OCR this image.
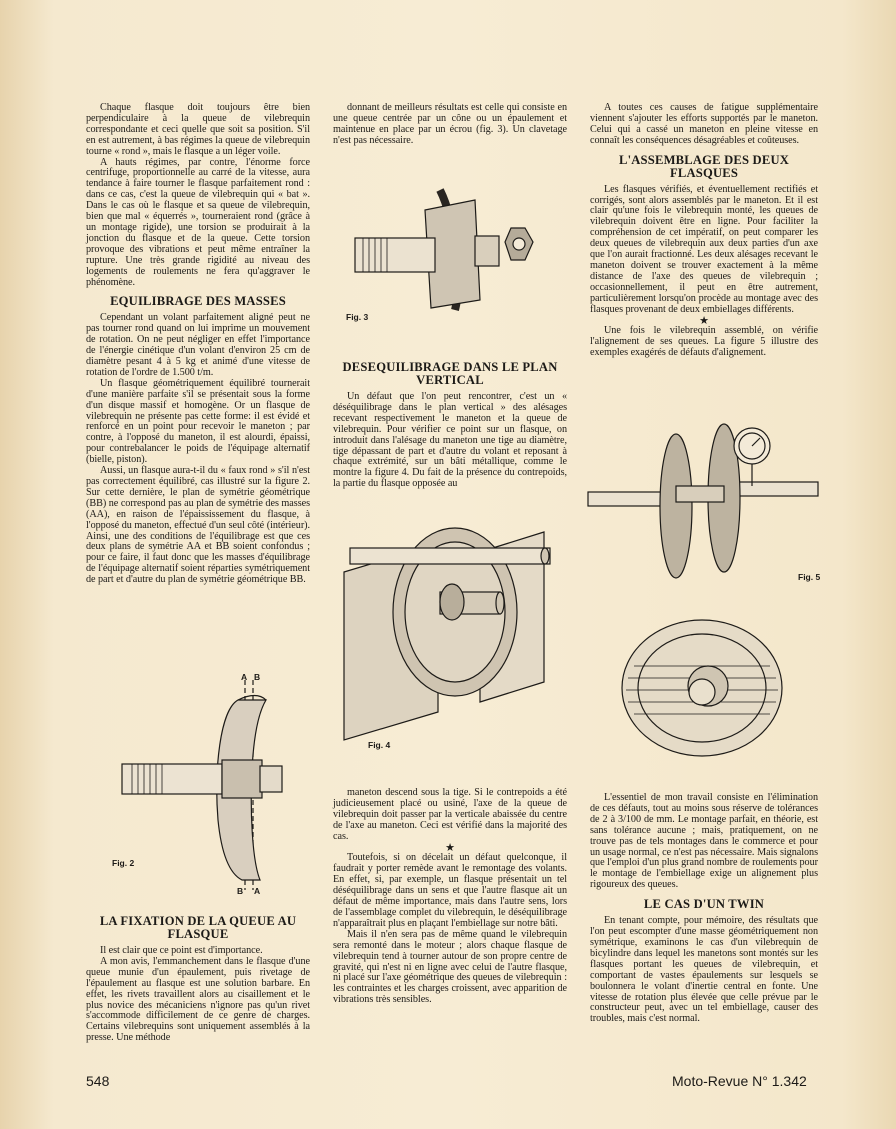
Chaque flasque doit toujours être bien perpendiculaire à la queue de vilebrequin correspondante et ceci quelle que soit sa position. S'il en est autrement, à bas régimes la queue de vilebrequin tourne « rond », mais le flasque a un léger voile.

A hauts régimes, par contre, l'énorme force centrifuge, proportionnelle au carré de la vitesse, aura tendance à faire tourner le flasque parfaitement rond : dans ce cas, c'est la queue de vilebrequin qui « bat ». Dans le cas où le flasque et sa queue de vilebrequin, bien que mal « équerrés », tourneraient rond (grâce à un montage rigide), une torsion se produirait à la jonction du flasque et de la queue. Cette torsion provoque des vibrations et peut même entraîner la rupture. Une très grande rigidité au niveau des logements de roulements ne fera qu'aggraver le phénomène.

EQUILIBRAGE DES MASSES

Cependant un volant parfaitement aligné peut ne pas tourner rond quand on lui imprime un mouvement de rotation. On ne peut négliger en effet l'importance de l'énergie cinétique d'un volant d'environ 25 cm de diamètre pesant 4 à 5 kg et animé d'une vitesse de rotation de l'ordre de 1.500 t/m.

Un flasque géométriquement équilibré tournerait d'une manière parfaite s'il se présentait sous la forme d'un disque massif et homogène. Or un flasque de vilebrequin ne présente pas cette forme: il est évidé et renforcé en un point pour recevoir le maneton ; par contre, à l'opposé du maneton, il est alourdi, épaissi, pour contrebalancer le poids de l'équipage alternatif (bielle, piston).

Aussi, un flasque aura-t-il du « faux rond » s'il n'est pas correctement équilibré, cas illustré sur la figure 2. Sur cette dernière, le plan de symétrie géométrique (BB) ne correspond pas au plan de symétrie des masses (AA), en raison de l'épaississement du flasque, à l'opposé du maneton, effectué d'un seul côté (intérieur). Ainsi, une des conditions de l'équilibrage est que ces deux plans de symétrie AA et BB soient confondus ; pour ce faire, il faut donc que les masses d'équilibrage de l'équipage alternatif soient réparties symétriquement de part et d'autre du plan de symétrie géométrique BB.

Fig. 2
A B
B A
LA FIXATION DE LA QUEUE AU FLASQUE

Il est clair que ce point est d'importance.

A mon avis, l'emmanchement dans le flasque d'une queue munie d'un épaulement, puis rivetage de l'épaulement au flasque est une solution barbare. En effet, les rivets travaillent alors au cisaillement et le plus novice des mécaniciens n'ignore pas qu'un rivet s'accommode difficilement de ce genre de charges. Certains vilebrequins sont uniquement assemblés à la presse. Une méthode

donnant de meilleurs résultats est celle qui consiste en une queue centrée par un cône ou un épaulement et maintenue en place par un écrou (fig. 3). Un clavetage n'est pas nécessaire.

Fig. 3
DESEQUILIBRAGE DANS LE PLAN VERTICAL

Un défaut que l'on peut rencontrer, c'est un « déséquilibrage dans le plan vertical » des alésages recevant respectivement le maneton et la queue de vilebrequin. Pour vérifier ce point sur un flasque, on introduit dans l'alésage du maneton une tige au diamètre, tige dépassant de part et d'autre du volant et reposant à chaque extrémité, sur un bâti métallique, comme le montre la figure 4. Du fait de la présence du contrepoids, la partie du flasque opposée au

Fig. 4

maneton descend sous la tige. Si le contrepoids a été judicieusement placé ou usiné, l'axe de la queue de vilebrequin doit passer par la verticale abaissée du centre de l'axe au maneton. Ceci est vérifié dans la majorité des cas.

★

Toutefois, si on décelait un défaut quelconque, il faudrait y porter remède avant le remontage des volants. En effet, si, par exemple, un flasque présentait un tel déséquilibrage dans un sens et que l'autre flasque ait un défaut de même importance, mais dans l'autre sens, lors de l'assemblage complet du vilebrequin, le déséquilibrage n'apparaîtrait plus en plaçant l'embiellage sur notre bâti.

Mais il n'en sera pas de même quand le vilebrequin sera remonté dans le moteur ; alors chaque flasque de vilebrequin tend à tourner autour de son propre centre de gravité, qui n'est ni en ligne avec celui de l'autre flasque, ni placé sur l'axe géométrique des queues de vilebrequin : les contraintes et les charges croissent, avec apparition de vibrations très sensibles.

A toutes ces causes de fatigue supplémentaire viennent s'ajouter les efforts supportés par le maneton. Celui qui a cassé un maneton en pleine vitesse en connaît les conséquences désagréables et coûteuses.

L'ASSEMBLAGE DES DEUX FLASQUES

Les flasques vérifiés, et éventuellement rectifiés et corrigés, sont alors assemblés par le maneton. Et il est clair qu'une fois le vilebrequin monté, les queues de vilebrequin doivent être en ligne. Pour faciliter la compréhension de cet impératif, on peut comparer les deux queues de vilebrequin aux deux parties d'un axe que l'on aurait fractionné. Les deux alésages recevant le maneton doivent se trouver exactement à la même distance de l'axe des queues de vilebrequin ; occasionnellement, il peut en être autrement, particulièrement lorsqu'on procède au montage avec des flasques provenant de deux embiellages différents.

★

Une fois le vilebrequin assemblé, on vérifie l'alignement de ses queues. La figure 5 illustre des exemples exagérés de défauts d'alignement.

Fig. 5

L'essentiel de mon travail consiste en l'élimination de ces défauts, tout au moins sous réserve de tolérances de 2 à 3/100 de mm. Le montage parfait, en théorie, est sans tolérance aucune ; mais, pratiquement, on ne trouve pas de tels montages dans le commerce et pour un usage normal, ce n'est pas nécessaire. Mais signalons que l'emploi d'un plus grand nombre de roulements pour le montage de l'embiellage exige un alignement plus rigoureux des queues.

LE CAS D'UN TWIN

En tenant compte, pour mémoire, des résultats que l'on peut escompter d'une masse géométriquement non symétrique, examinons le cas d'un vilebrequin de bicylindre dans lequel les manetons sont montés sur les flasques portant les queues de vilebrequin, et comportant de vastes épaulements sur lesquels se boulonnera le volant d'inertie central en fonte. Une vitesse de rotation plus élevée que celle prévue par le constructeur peut, avec un tel embiellage, causer des troubles, mais c'est normal.

548	Moto-Revue N° 1.342
